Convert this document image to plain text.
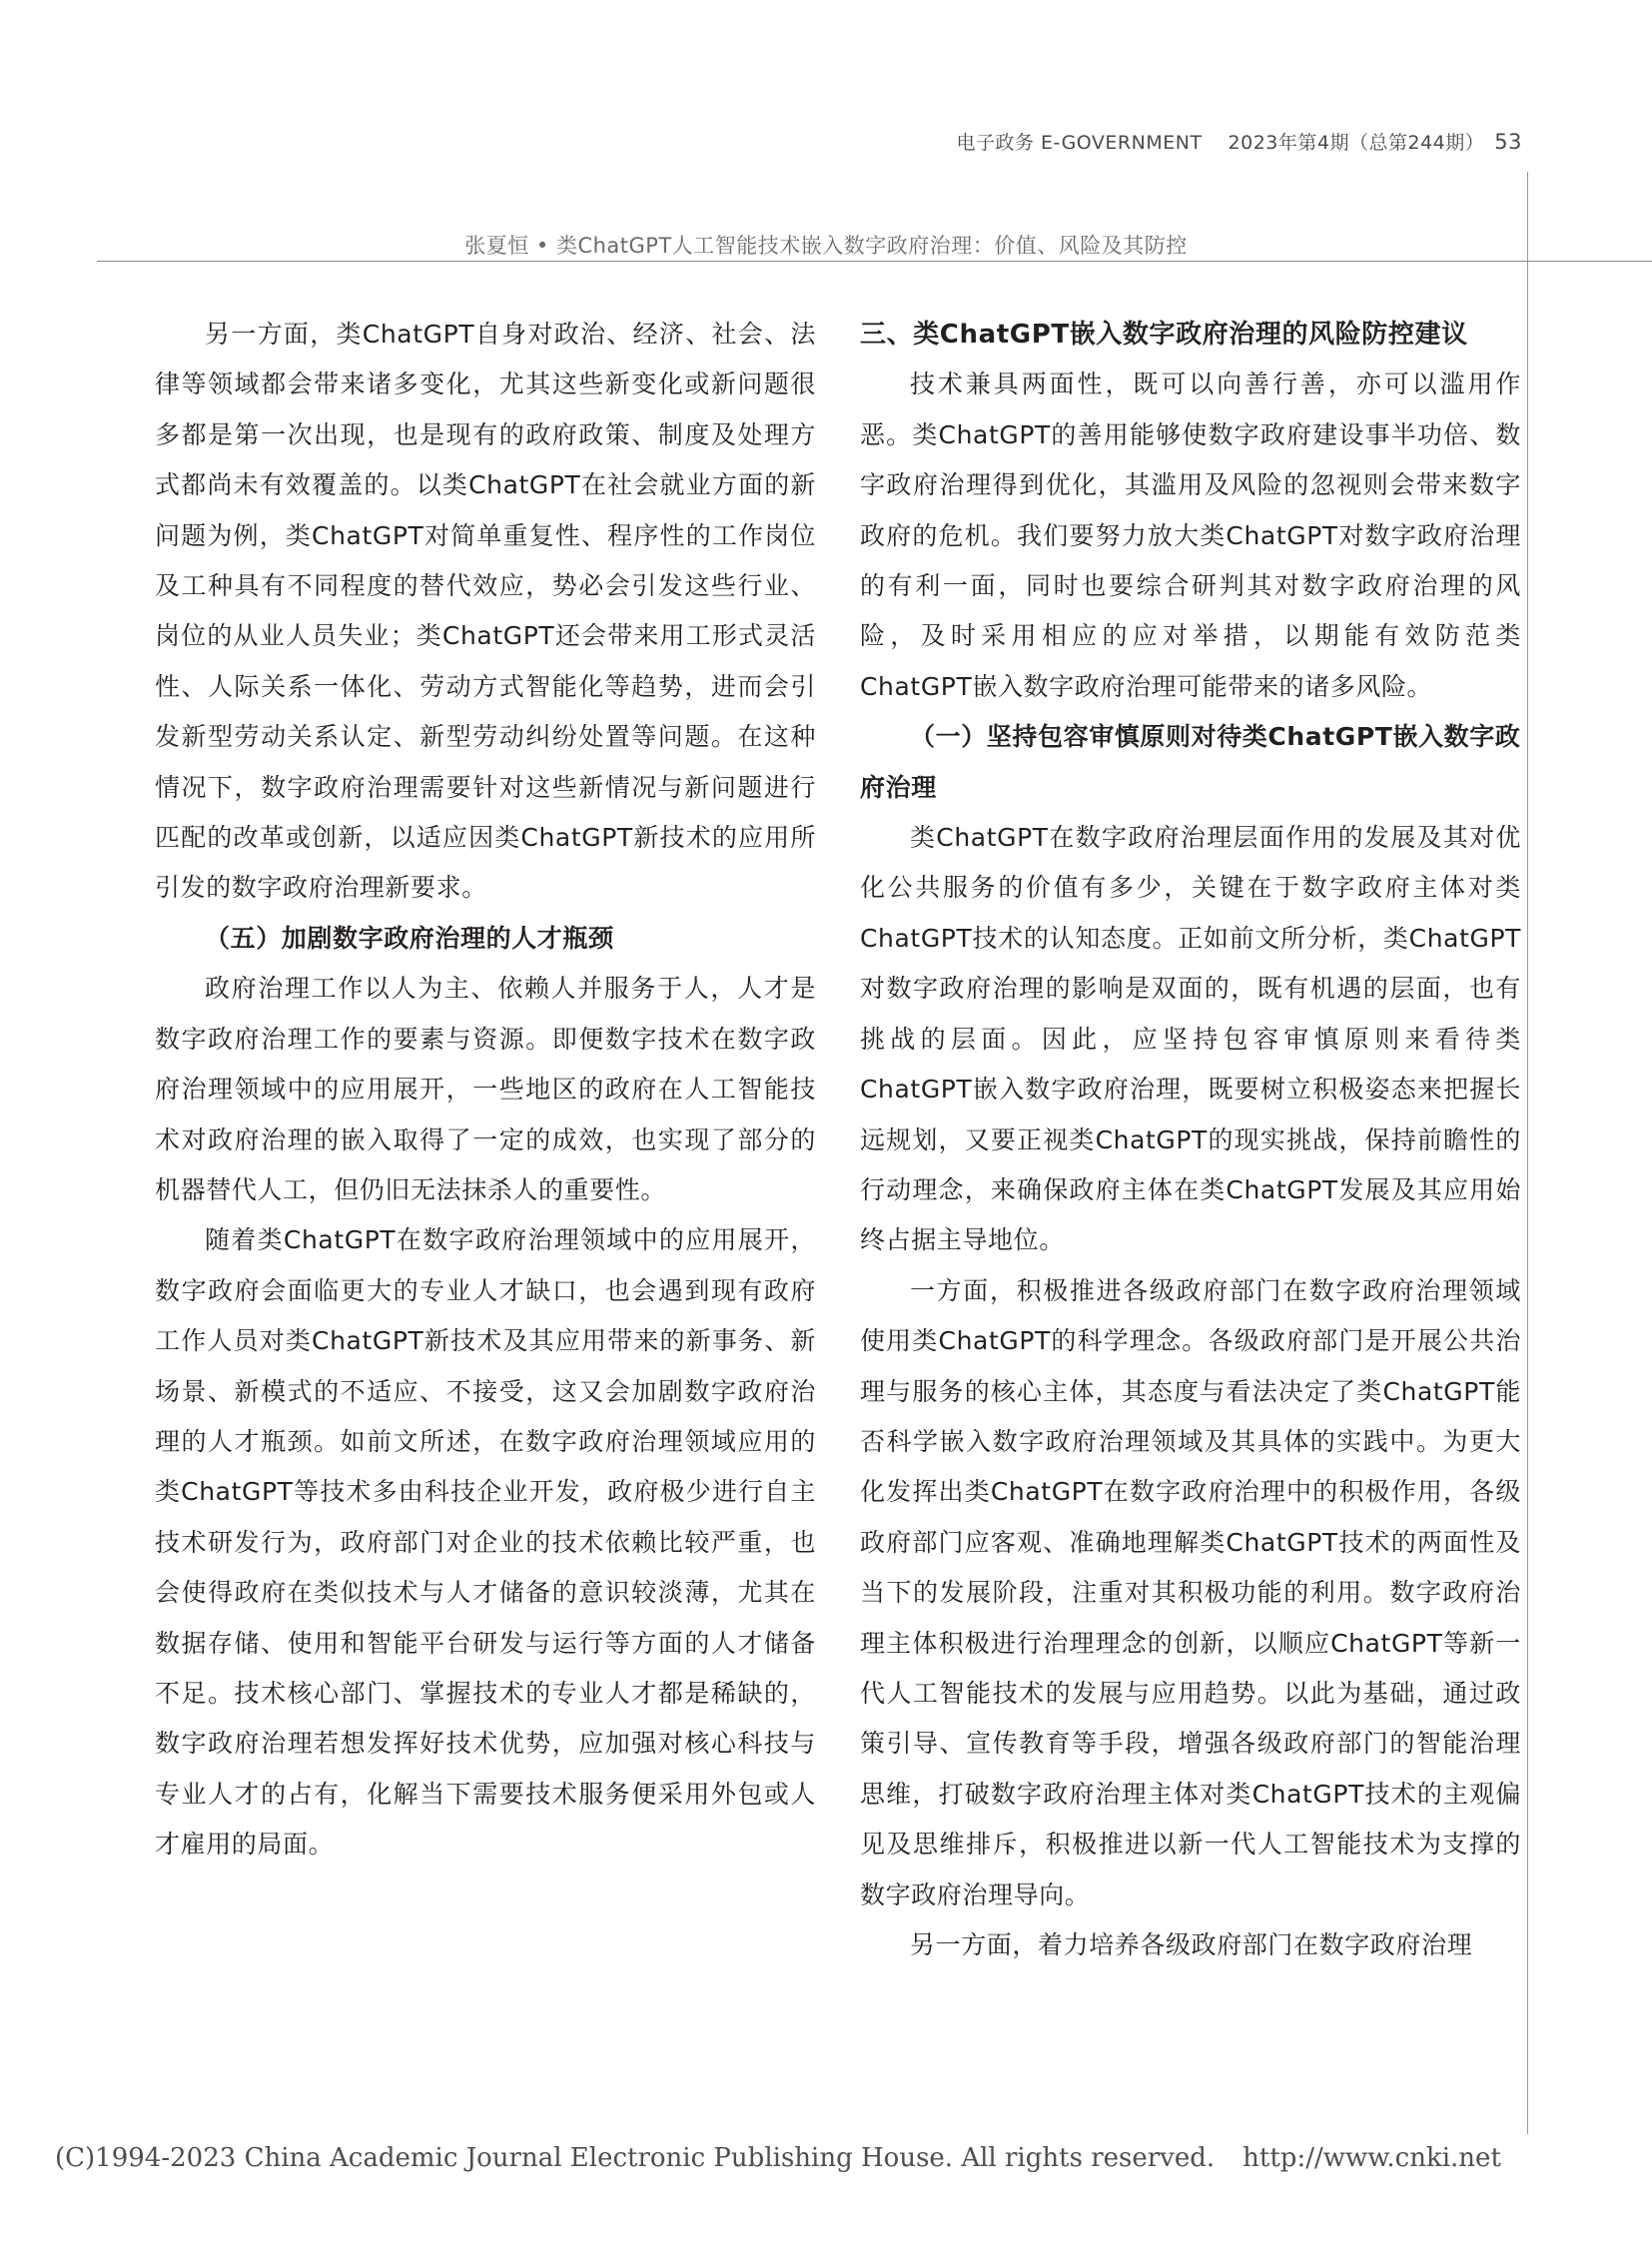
电子政务 E-GOVERNMENT 2023年第4期（总第244期） 53
张夏恒 • 类ChatGPT人工智能技术嵌入数字政府治理：价值、风险及其防控

另一方面，类ChatGPT自身对政治、经济、社会、法律等领域都会带来诸多变化，尤其这些新变化或新问题很多都是第一次出现，也是现有的政府政策、制度及处理方式都尚未有效覆盖的。以类ChatGPT在社会就业方面的新问题为例，类ChatGPT对简单重复性、程序性的工作岗位及工种具有不同程度的替代效应，势必会引发这些行业、岗位的从业人员失业；类ChatGPT还会带来用工形式灵活性、人际关系一体化、劳动方式智能化等趋势，进而会引发新型劳动关系认定、新型劳动纠纷处置等问题。在这种情况下，数字政府治理需要针对这些新情况与新问题进行匹配的改革或创新，以适应因类ChatGPT新技术的应用所引发的数字政府治理新要求。

（五）加剧数字政府治理的人才瓶颈

政府治理工作以人为主、依赖人并服务于人，人才是数字政府治理工作的要素与资源。即便数字技术在数字政府治理领域中的应用展开，一些地区的政府在人工智能技术对政府治理的嵌入取得了一定的成效，也实现了部分的机器替代人工，但仍旧无法抹杀人的重要性。

随着类ChatGPT在数字政府治理领域中的应用展开，数字政府会面临更大的专业人才缺口，也会遇到现有政府工作人员对类ChatGPT新技术及其应用带来的新事务、新场景、新模式的不适应、不接受，这又会加剧数字政府治理的人才瓶颈。如前文所述，在数字政府治理领域应用的类ChatGPT等技术多由科技企业开发，政府极少进行自主技术研发行为，政府部门对企业的技术依赖比较严重，也会使得政府在类似技术与人才储备的意识较淡薄，尤其在数据存储、使用和智能平台研发与运行等方面的人才储备不足。技术核心部门、掌握技术的专业人才都是稀缺的，数字政府治理若想发挥好技术优势，应加强对核心科技与专业人才的占有，化解当下需要技术服务便采用外包或人才雇用的局面。

三、类ChatGPT嵌入数字政府治理的风险防控建议

技术兼具两面性，既可以向善行善，亦可以滥用作恶。类ChatGPT的善用能够使数字政府建设事半功倍、数字政府治理得到优化，其滥用及风险的忽视则会带来数字政府的危机。我们要努力放大类ChatGPT对数字政府治理的有利一面，同时也要综合研判其对数字政府治理的风险，及时采用相应的应对举措，以期能有效防范类ChatGPT嵌入数字政府治理可能带来的诸多风险。

（一）坚持包容审慎原则对待类ChatGPT嵌入数字政府治理

类ChatGPT在数字政府治理层面作用的发展及其对优化公共服务的价值有多少，关键在于数字政府主体对类ChatGPT技术的认知态度。正如前文所分析，类ChatGPT对数字政府治理的影响是双面的，既有机遇的层面，也有挑战的层面。因此，应坚持包容审慎原则来看待类ChatGPT嵌入数字政府治理，既要树立积极姿态来把握长远规划，又要正视类ChatGPT的现实挑战，保持前瞻性的行动理念，来确保政府主体在类ChatGPT发展及其应用始终占据主导地位。

一方面，积极推进各级政府部门在数字政府治理领域使用类ChatGPT的科学理念。各级政府部门是开展公共治理与服务的核心主体，其态度与看法决定了类ChatGPT能否科学嵌入数字政府治理领域及其具体的实践中。为更大化发挥出类ChatGPT在数字政府治理中的积极作用，各级政府部门应客观、准确地理解类ChatGPT技术的两面性及当下的发展阶段，注重对其积极功能的利用。数字政府治理主体积极进行治理理念的创新，以顺应ChatGPT等新一代人工智能技术的发展与应用趋势。以此为基础，通过政策引导、宣传教育等手段，增强各级政府部门的智能治理思维，打破数字政府治理主体对类ChatGPT技术的主观偏见及思维排斥，积极推进以新一代人工智能技术为支撑的数字政府治理导向。

另一方面，着力培养各级政府部门在数字政府治理

(C)1994-2023 China Academic Journal Electronic Publishing House. All rights reserved. http://www.cnki.net
